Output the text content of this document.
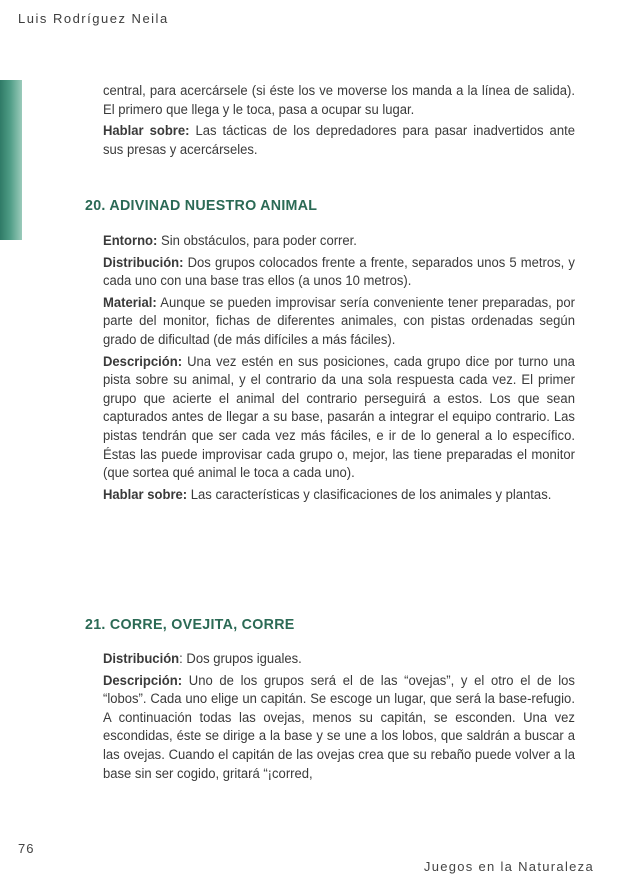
Luis Rodríguez Neila

central, para acercársele (si éste los ve moverse los manda a la línea de salida). El primero que llega y le toca, pasa a ocupar su lugar.

Hablar sobre: Las tácticas de los depredadores para pasar inadvertidos ante sus presas y acercárseles.

20. ADIVINAD NUESTRO ANIMAL

Entorno: Sin obstáculos, para poder correr.

Distribución: Dos grupos colocados frente a frente, separados unos 5 metros, y cada uno con una base tras ellos (a unos 10 metros).

Material: Aunque se pueden improvisar sería conveniente tener preparadas, por parte del monitor, fichas de diferentes animales, con pistas ordenadas según grado de dificultad (de más difíciles a más fáciles).

Descripción: Una vez estén en sus posiciones, cada grupo dice por turno una pista sobre su animal, y el contrario da una sola respuesta cada vez. El primer grupo que acierte el animal del contrario perseguirá a estos. Los que sean capturados antes de llegar a su base, pasarán a integrar el equipo contrario. Las pistas tendrán que ser cada vez más fáciles, e ir de lo general a lo específico. Éstas las puede improvisar cada grupo o, mejor, las tiene preparadas el monitor (que sortea qué animal le toca a cada uno).

Hablar sobre: Las características y clasificaciones de los animales y plantas.

21. CORRE, OVEJITA, CORRE

Distribución: Dos grupos iguales.

Descripción: Uno de los grupos será el de las “ovejas”, y el otro el de los “lobos”. Cada uno elige un capitán. Se escoge un lugar, que será la base-refugio. A continuación todas las ovejas, menos su capitán, se esconden. Una vez escondidas, éste se dirige a la base y se une a los lobos, que saldrán a buscar a las ovejas. Cuando el capitán de las ovejas crea que su rebaño puede volver a la base sin ser cogido, gritará “¡corred,

76
Juegos en la Naturaleza
